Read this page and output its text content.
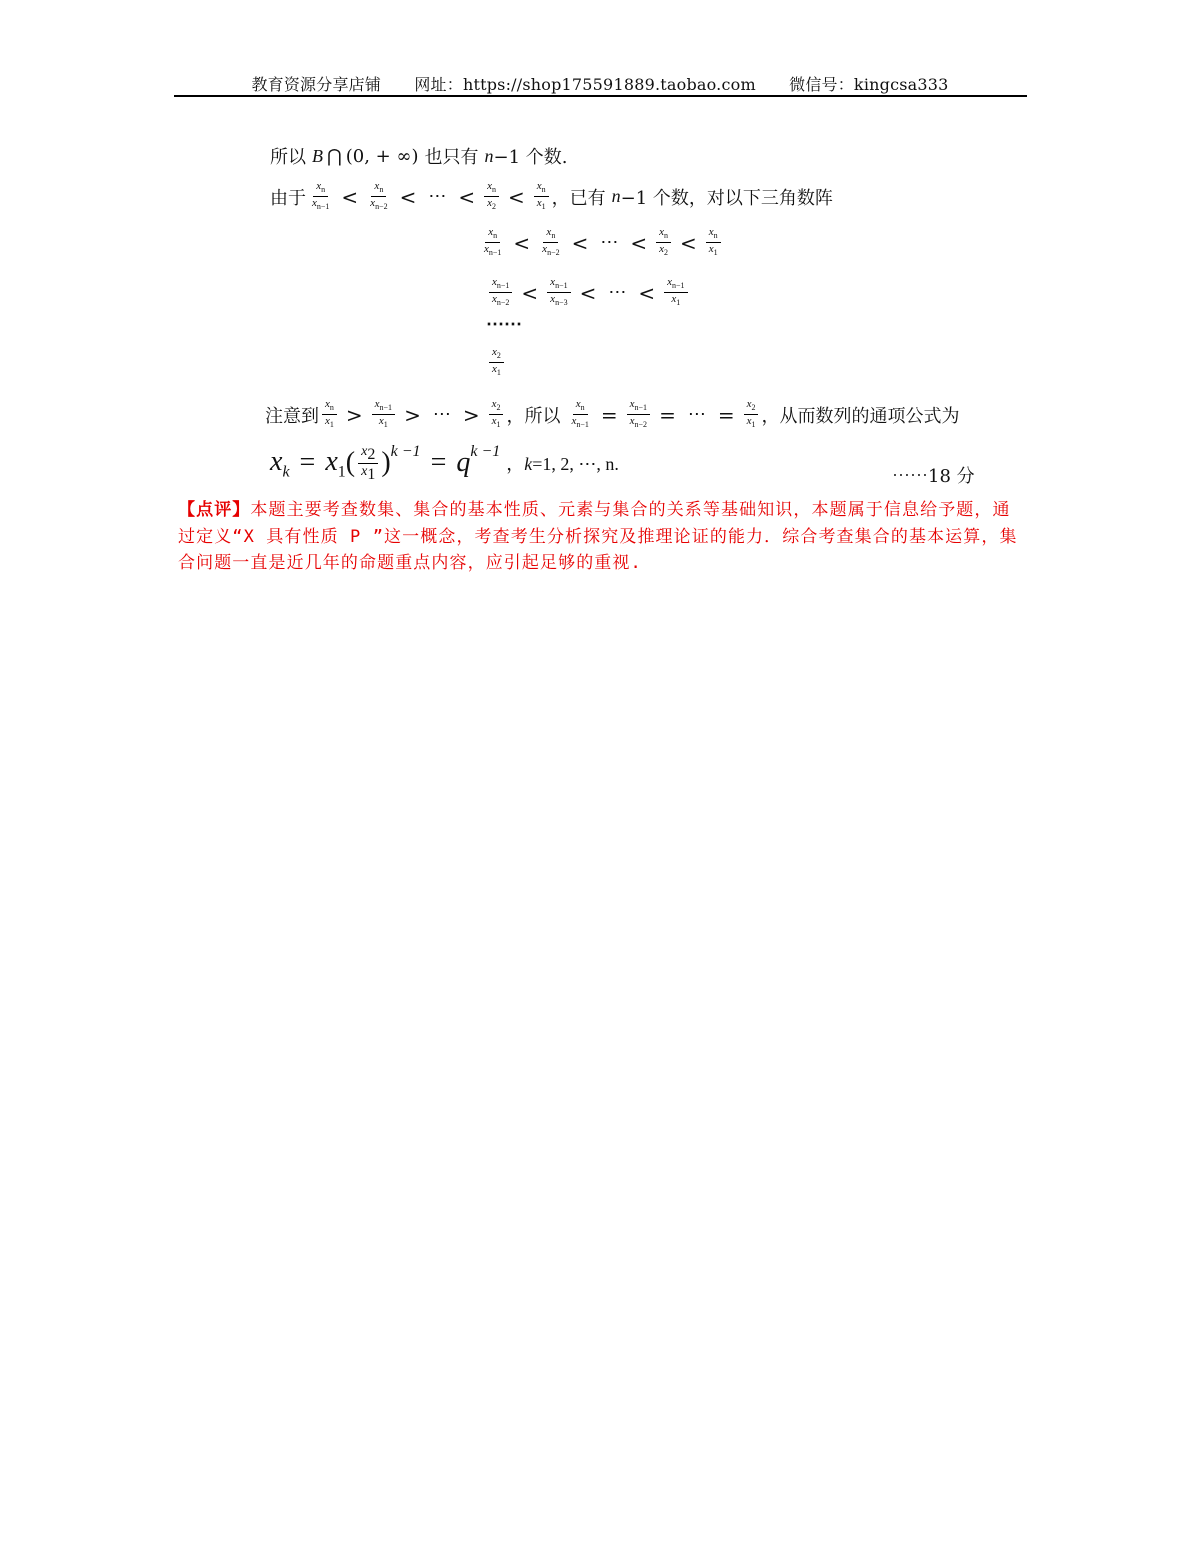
教育资源分享店铺 网址：https://shop175591889.taobao.com 微信号：kingcsa333
所以 B ⋂ (0, + ∞) 也只有 n −1 个数.
由于 $\frac{x_n}{x_{n-1}} < \frac{x_n}{x_{n-2}}$ < ⋯ < $\frac{x_n}{x_2} < \frac{x_n}{x_1}$ ，已有 n −1 个数，对以下三角数阵
$\frac{x_n}{x_{n-1}} < \frac{x_n}{x_{n-2}}$ < ⋯ < $\frac{x_n}{x_2} < \frac{x_n}{x_1}$
$\frac{x_{n-1}}{x_{n-2}} < \frac{x_{n-1}}{x_{n-3}}$ < ⋯ < $\frac{x_{n-1}}{x_1}$
⋯⋯
$\frac{x_2}{x_1}$
注意到 $\frac{x_n}{x_1} > \frac{x_{n-1}}{x_1}$ > ⋯ > $\frac{x_2}{x_1}$ ，所以 $\frac{x_n}{x_{n-1}} = \frac{x_{n-1}}{x_{n-2}}$ = ⋯ = $\frac{x_2}{x_1}$ ，从而数列的通项公式为
$x_k = x_1$ ( $\frac{x_2}{x_1} )^{k -1} = q^{k -1}$
，k=1, 2, ⋯, n.
⋯⋯18 分
【点评】本题主要考查数集、集合的基本性质、元素与集合的关系等基础知识，本题属于信息给予题，通过定义“X 具有性质 P ”这一概念，考查考生分析探究及推理论证的能力．综合考查集合的基本运算，集合问题一直是近几年的命题重点内容，应引起足够的重视.
